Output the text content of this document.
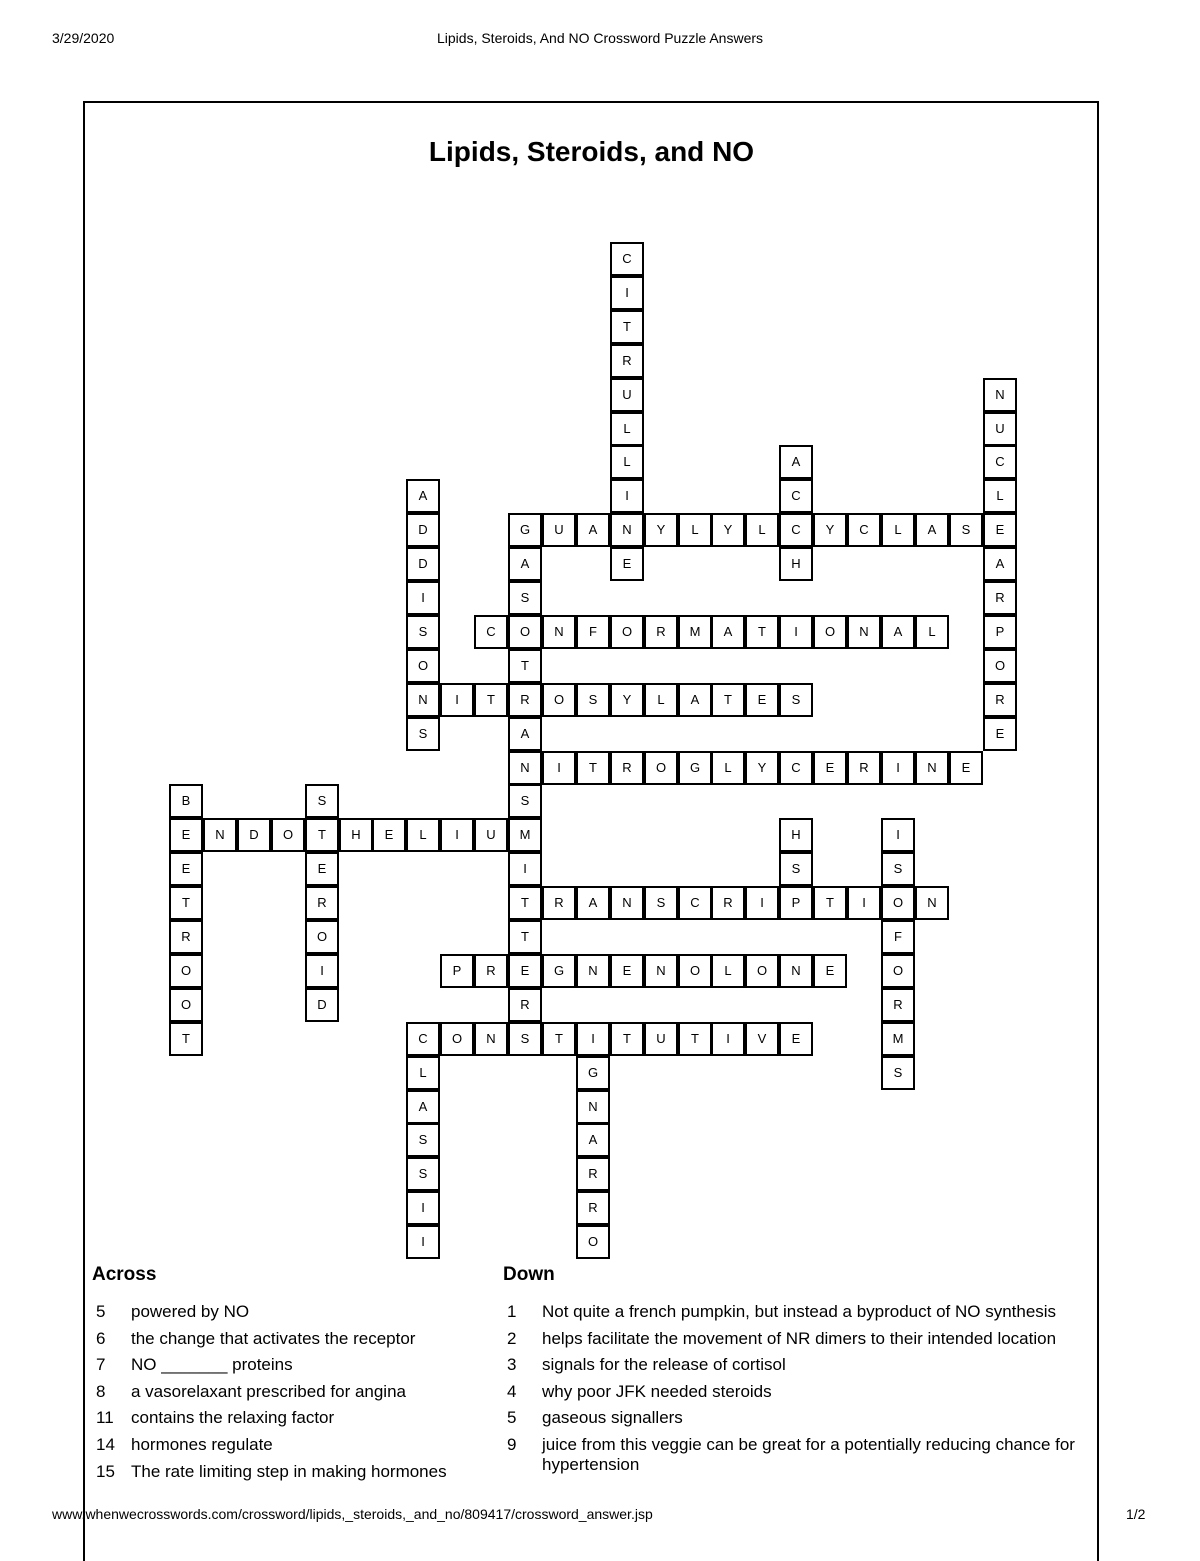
3/29/2020	Lipids, Steroids, And NO Crossword Puzzle Answers
Lipids, Steroids, and NO
G	U	A	N	Y	L	Y	L	C	Y	C	L	A	S	E
C	O	N	F	O	R	M	A	T	I	O	N	A	L
N	I	T	R	O	S	Y	L	A	T	E	S
N	I	T	R	O	G	L	Y	C	E	R	I	N	E
E	N	D	O	T	H	E	L	I	U	M
T	R	A	N	S	C	R	I	P	T	I	O	N
P	R	E	G	N	E	N	O	L	O	N	E
C	O	N	S	T	I	T	U	T	I	V	E
C
I
T
R
U
L
L
I
E
N
U
C
L
A
R
P
O
R
E
A
C
H
A
D
D
I
S
O
S
A
S
T
A
S
I
T
R
B
E
T
R
O
O
T
S
E
R
O
I
D
H
S
I
S
F
O
R
M
S
L
A
S
S
I
I
G
N
A
R
R
O
Across	Down
5	powered by NO
6	the change that activates the receptor
7	NO _______ proteins
8	a vasorelaxant prescribed for angina
11	contains the relaxing factor
14 hormones regulate
15 The rate limiting step in making hormones
1	Not quite a french pumpkin, but instead a byproduct of NO synthesis
2	helps facilitate the movement of NR dimers to their intended location
3	signals for the release of cortisol
4	why poor JFK needed steroids
5	gaseous signallers
9	juice from this veggie can be great for a potentially reducing chance for hypertension
www.whenwecrosswords.com/crossword/lipids,_steroids,_and_no/809417/crossword_answer.jsp	1/2
